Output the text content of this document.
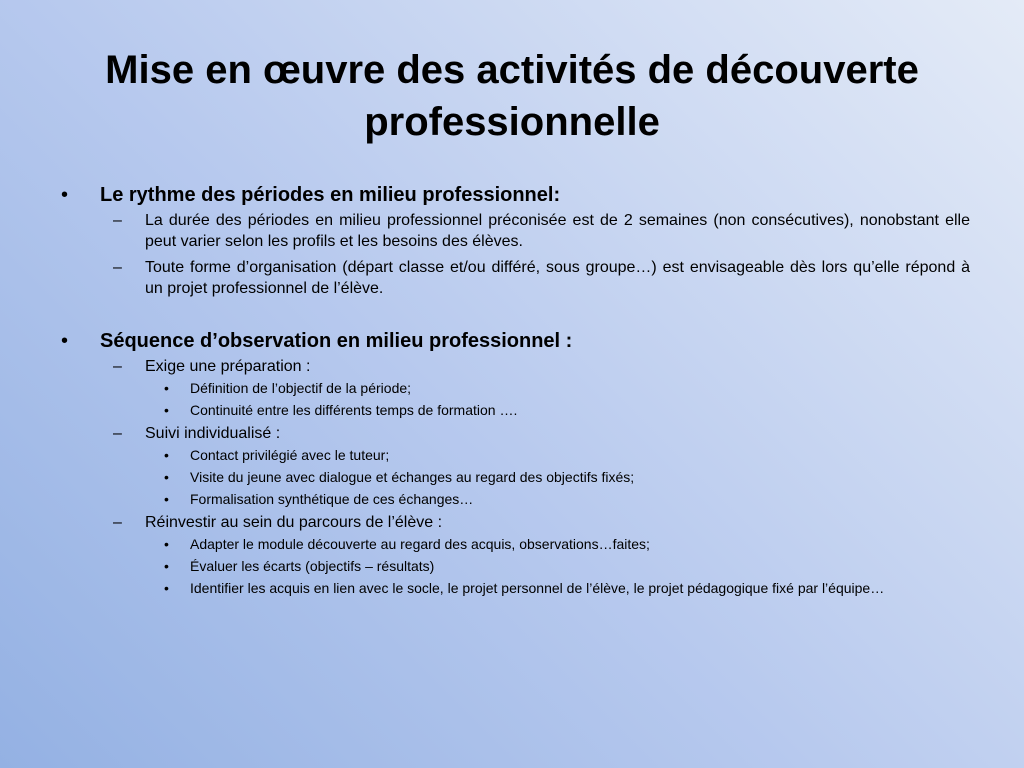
Mise en œuvre des activités de découverte professionnelle
• Le rythme des périodes en milieu professionnel:
– La durée des périodes en milieu professionnel préconisée est de 2 semaines (non consécutives), nonobstant elle peut varier selon les profils et les besoins des élèves.
– Toute forme d’organisation (départ classe et/ou différé, sous groupe…) est envisageable dès lors qu’elle répond à un projet professionnel de l’élève.
• Séquence d’observation en milieu professionnel :
– Exige une préparation :
• Définition de l’objectif de la période;
• Continuité entre les différents temps de formation ….
– Suivi individualisé :
• Contact privilégié avec le tuteur;
• Visite du jeune avec dialogue et échanges au regard des objectifs fixés;
• Formalisation synthétique de ces échanges…
– Réinvestir au sein du parcours de l’élève :
• Adapter le module découverte au regard des acquis, observations…faites;
• Évaluer les écarts (objectifs – résultats)
• Identifier les acquis en lien avec le socle, le projet personnel de l’élève, le projet pédagogique fixé par l’équipe…
